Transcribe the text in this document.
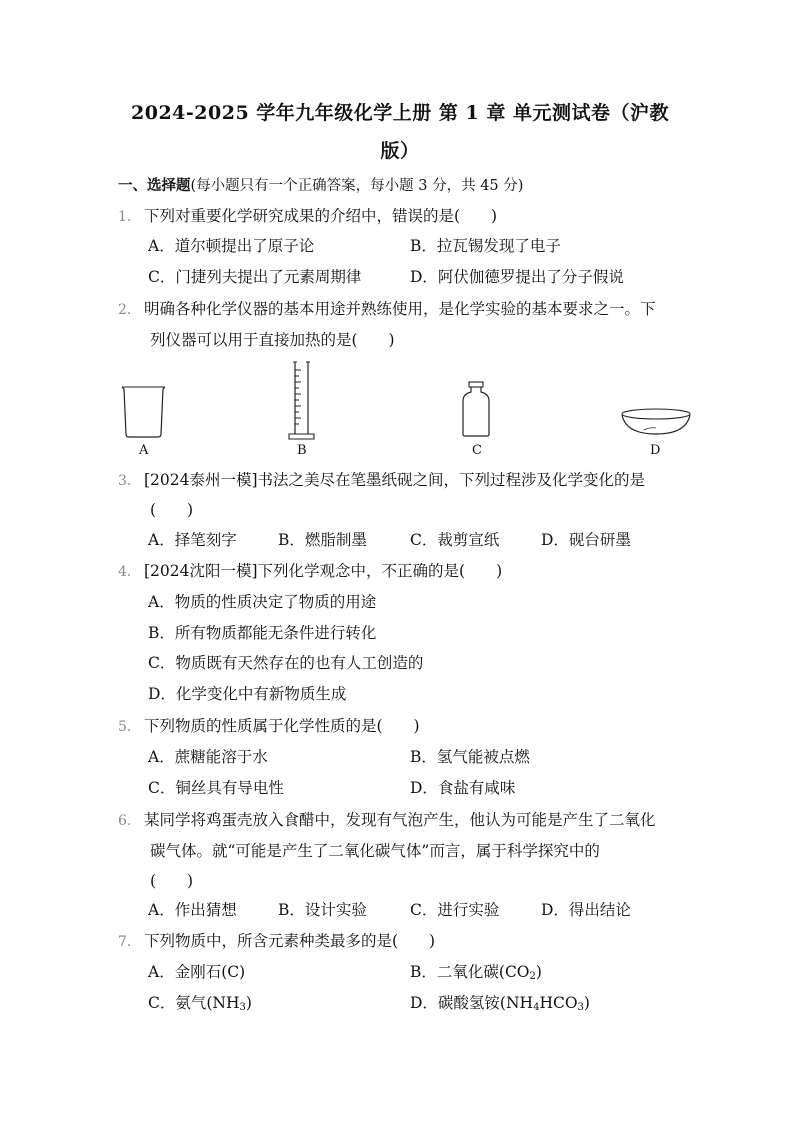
2024-2025 学年九年级化学上册 第 1 章 单元测试卷（沪教
版）
一、选择题(每小题只有一个正确答案，每小题 3 分，共 45 分)
1. 下列对重要化学研究成果的介绍中，错误的是(　　)
A．道尔顿提出了原子论	B．拉瓦锡发现了电子
C．门捷列夫提出了元素周期律	D．阿伏伽德罗提出了分子假说
2. 明确各种化学仪器的基本用途并熟练使用，是化学实验的基本要求之一。下
列仪器可以用于直接加热的是(　　)
A	B	C	D
3. [2024泰州一模]书法之美尽在笔墨纸砚之间，下列过程涉及化学变化的是
(　　)
A．择笔刻字	B．燃脂制墨	C．裁剪宣纸	D．砚台研墨
4. [2024沈阳一模]下列化学观念中，不正确的是(　　)
A．物质的性质决定了物质的用途
B．所有物质都能无条件进行转化
C．物质既有天然存在的也有人工创造的
D．化学变化中有新物质生成
5. 下列物质的性质属于化学性质的是(　　)
A．蔗糖能溶于水	B．氢气能被点燃
C．铜丝具有导电性	D．食盐有咸味
6. 某同学将鸡蛋壳放入食醋中，发现有气泡产生，他认为可能是产生了二氧化
碳气体。就“可能是产生了二氧化碳气体”而言，属于科学探究中的
(　　)
A．作出猜想	B．设计实验	C．进行实验	D．得出结论
7. 下列物质中，所含元素种类最多的是(　　)
A．金刚石(C)	B．二氧化碳$(CO_2)$
C．氨气$(NH_3)$	D．碳酸氢铵$(NH_4HCO_3)$
